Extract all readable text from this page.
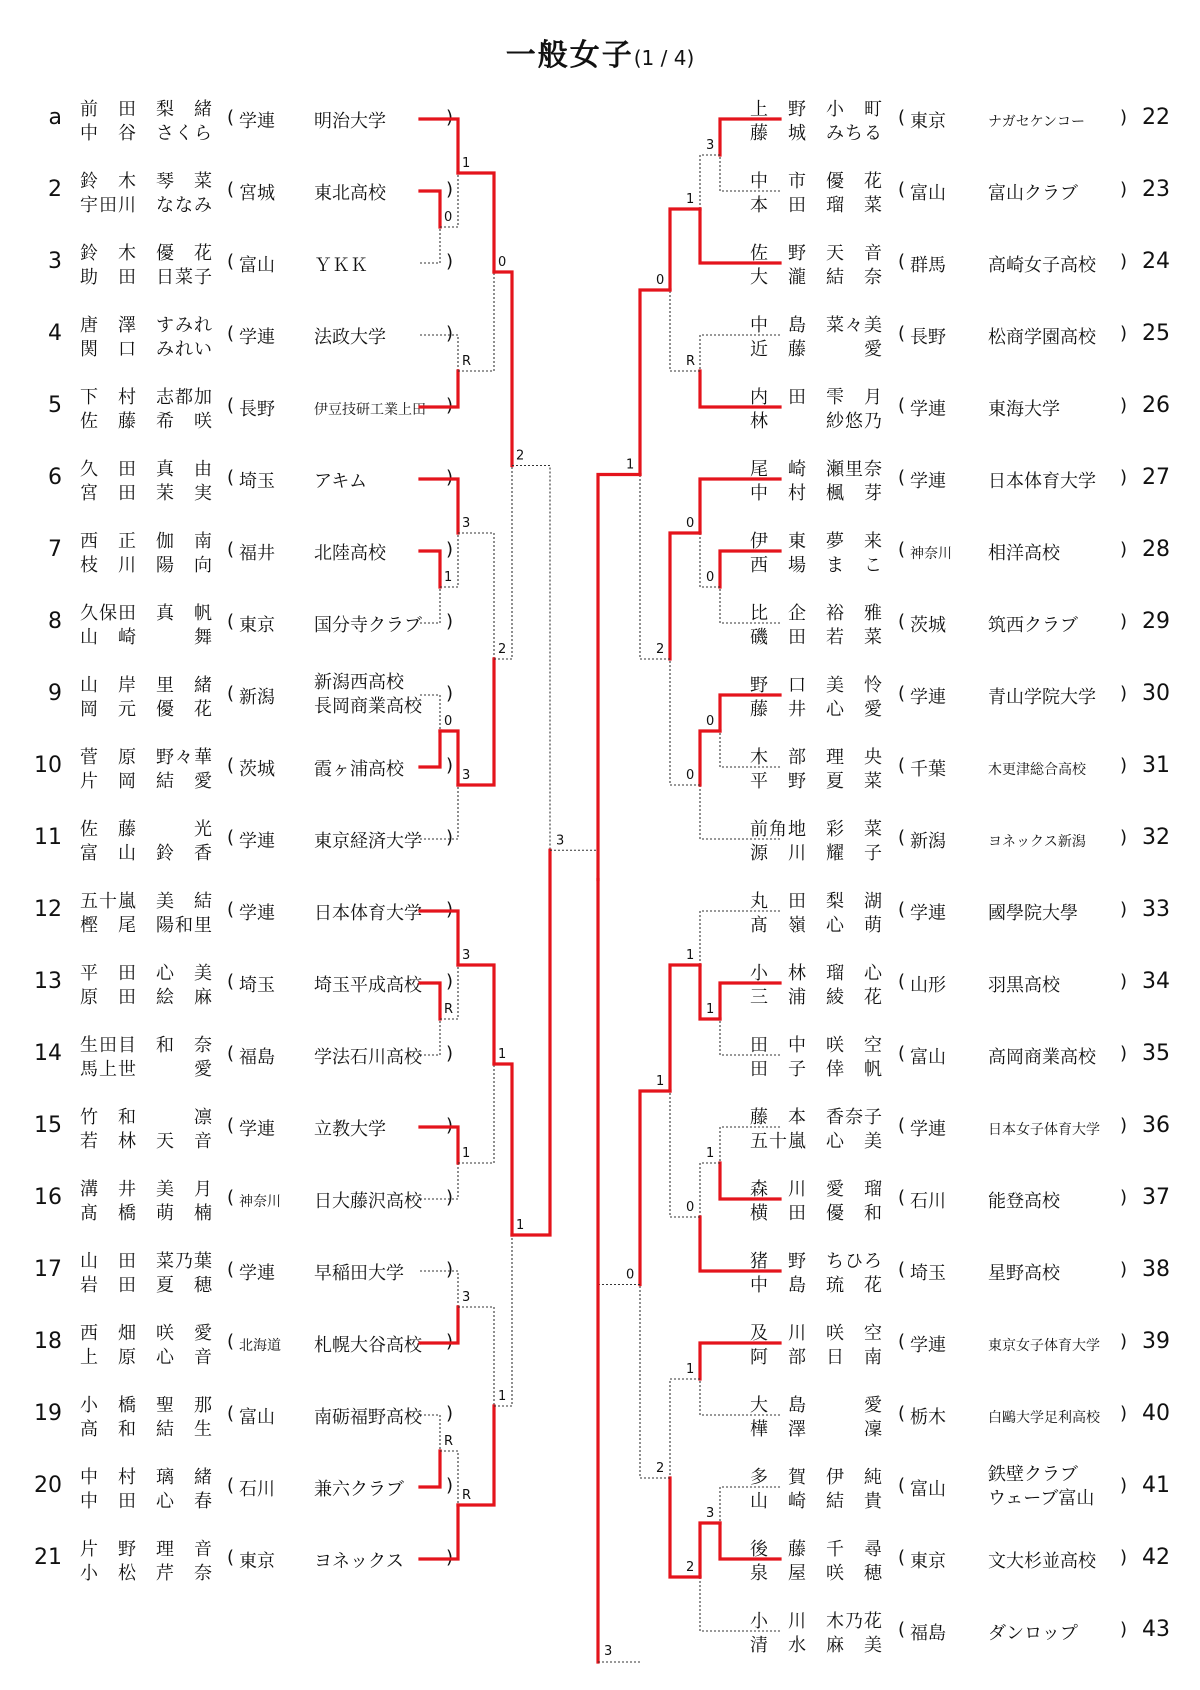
一般女子(1 / 4)
a 前　田　梨　緒
中　谷　さくら
( 学連 明治大学	)
2 鈴　木　琴　菜
宇田川　ななみ
( 宮城 東北高校	)
3 鈴　木　優　花
助　田　日菜子
( 富山 ＹＫＫ	)
4 唐　澤　すみれ
関　口　みれい
( 学連 法政大学	)
5 下　村　志都加
佐　藤　希　咲
( 長野	伊豆技研工業上田 )
6 久　田　真　由
宮　田　茉　実
( 埼玉 アキム	)
7 西　正　伽　南
枝　川　陽　向
( 福井 北陸高校	)
8 久保田　真　帆
山　崎　　　舞
( 東京 国分寺クラブ )
9 山　岸　里　緒
岡　元　優　花
( 新潟
新潟西高校
長岡商業高校
)
10 菅　原　野々華
片　岡　結　愛
( 茨城 霞ヶ浦高校 )
11 佐　藤　　　光
富　山　鈴　香
( 学連 東京経済大学 )
12 五十嵐　美　結
樫　尾　陽和里
( 学連 日本体育大学 )
13 平　田　心　美
原　田　絵　麻
( 埼玉 埼玉平成高校 )
14 生田目　和　奈
馬上世　　　愛
( 福島 学法石川高校 )
15 竹　和　　　凛
若　林　天　音
( 学連 立教大学	)
16 溝　井　美　月
髙　橋　萌　楠
( 神奈川 日大藤沢高校 )
17 山　田　菜乃葉
岩　田　夏　穂
( 学連 早稲田大学 )
18 西　畑　咲　愛
上　原　心　音
( 北海道 札幌大谷高校 )
19 小　橋　聖　那
高　和　結　生
( 富山 南砺福野高校 )
20 中　村　璃　緒
中　田　心　春
( 石川 兼六クラブ )
21 片　野　理　音
小　松　芹　奈
( 東京 ヨネックス )
上　野　小　町
藤　城　みちる
( 東京	ナガセケンコー ) 22
中　市　優　花
本　田　瑠　菜
( 富山 富山クラブ ) 23
佐　野　天　音
大　瀧　結　奈
( 群馬 高崎女子高校 ) 24
中　島　菜々美
近　藤　　　愛
( 長野 松商学園高校 ) 25
内　田　雫　月
林　　　紗悠乃
( 学連 東海大学	) 26
尾　崎　瀬里奈
中　村　楓　芽
( 学連 日本体育大学 ) 27
伊　東　夢　来
西　場　ま　こ
( 神奈川 相洋高校	) 28
比　企　裕　雅
磯　田　若　菜
( 茨城 筑西クラブ ) 29
野　口　美　怜
藤　井　心　愛
( 学連 青山学院大学 ) 30
木　部　理　央
平　野　夏　菜
( 千葉	木更津総合高校 ) 31
前角地　彩　菜
源　川　耀　子
( 新潟	ヨネックス新潟 ) 32
丸　田　梨　湖
髙　嶺　心　萌
( 学連 國學院大學 ) 33
小　林　瑠　心
三　浦　綾　花
( 山形 羽黒高校	) 34
田　中　咲　空
田　子　倖　帆
( 富山 高岡商業高校 ) 35
藤　本　香奈子
五十嵐　心　美
( 学連	日本女子体育大学 ) 36
森　川　愛　瑠
横　田　優　和
( 石川 能登高校	) 37
猪　野　ちひろ
中　島　琉　花
( 埼玉 星野高校	) 38
及　川　咲　空
阿　部　日　南
( 学連	東京女子体育大学 ) 39
大　島　　　愛
樺　澤　　　凜
( 栃木	白鷗大学足利高校 ) 40
多　賀　伊　純
山　崎　結　貴
( 富山
鉄壁クラブ
ウェーブ富山
) 41
後　藤　千　尋
泉　屋　咲　穂
( 東京 文大杉並高校 ) 42
小　川　木乃花
清　水　麻　美
( 福島 ダンロップ ) 43
0
1
R
0
1
3
0
3
2
2
R
3
1
1
3
R
R
1
1
3
1
R
0
0
0
0
0
2
1
1
1
1
0
1
1
3
2
2
0
3
3
